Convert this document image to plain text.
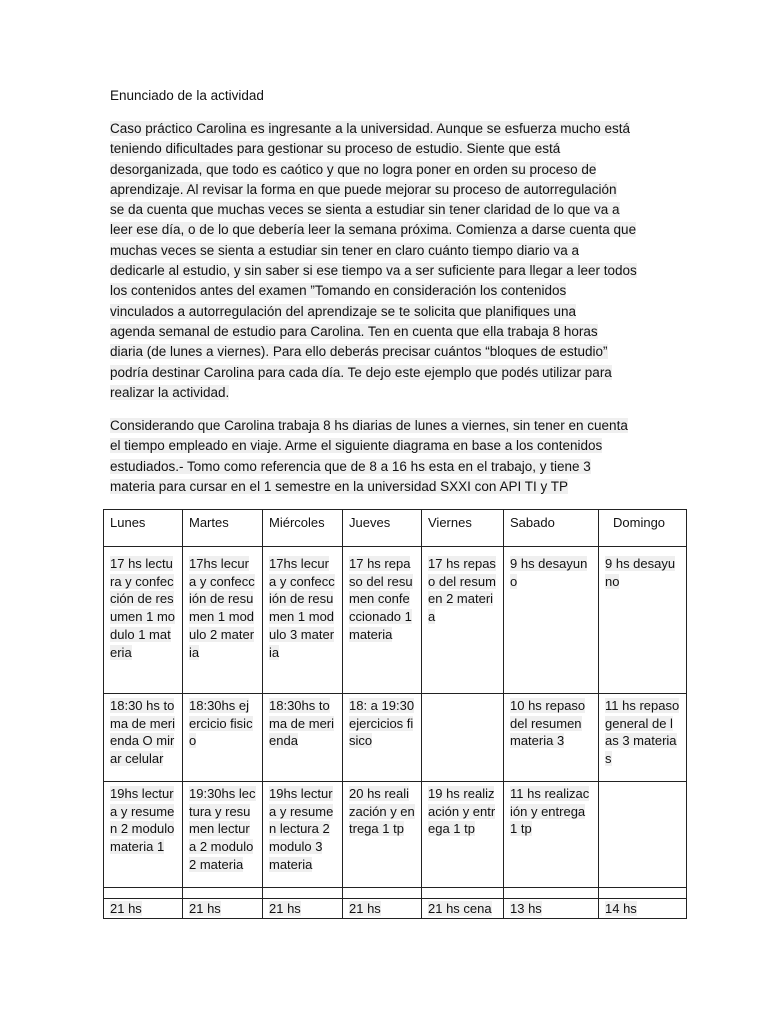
Enunciado de la actividad
Caso práctico Carolina es ingresante a la universidad. Aunque se esfuerza mucho está
teniendo dificultades para gestionar su proceso de estudio. Siente que está
desorganizada, que todo es caótico y que no logra poner en orden su proceso de
aprendizaje. Al revisar la forma en que puede mejorar su proceso de autorregulación
se da cuenta que muchas veces se sienta a estudiar sin tener claridad de lo que va a
leer ese día, o de lo que debería leer la semana próxima. Comienza a darse cuenta que
muchas veces se sienta a estudiar sin tener en claro cuánto tiempo diario va a
dedicarle al estudio, y sin saber si ese tiempo va a ser suficiente para llegar a leer todos
los contenidos antes del examen ”Tomando en consideración los contenidos
vinculados a autorregulación del aprendizaje se te solicita que planifiques una
agenda semanal de estudio para Carolina. Ten en cuenta que ella trabaja 8 horas
diaria (de lunes a viernes). Para ello deberás precisar cuántos “bloques de estudio”
podría destinar Carolina para cada día. Te dejo este ejemplo que podés utilizar para
realizar la actividad.
Considerando que Carolina trabaja 8 hs diarias de lunes a viernes, sin tener en cuenta
el tiempo empleado en viaje. Arme el siguiente diagrama en base a los contenidos
estudiados.- Tomo como referencia que de 8 a 16 hs esta en el trabajo, y tiene 3
materia para cursar en el 1 semestre en la universidad SXXI con API TI y TP
Lunes	Martes	Miércoles	Jueves	Viernes	Sabado	Domingo
17 hs lectura y confección de resumen 1 modulo 1 materia	17hs lecura y confección de resumen 1 modulo 2 materia	17hs lecura y confección de resumen 1 modulo 3 materia	17 hs repaso del resumen confeccionado 1 materia	17 hs repaso del resumen 2 materia	9 hs desayuno	9 hs desayuno
18:30 hs toma de merienda O mirar celular	18:30hs ejercicio fisico	18:30hs toma de merienda	18: a 19:30 ejercicios fisico		10 hs repaso del resumen materia 3	11 hs repaso general de las 3 materias
19hs lectura y resumen 2 modulo materia 1	19:30hs lectura y resumen lectura 2 modulo 2 materia	19hs lectura y resumen lectura 2 modulo 3 materia	20 hs realización y entrega 1 tp	19 hs realización y entrega 1 tp	11 hs realización y entrega 1 tp	

21 hs	21 hs	21 hs	21 hs	21 hs cena	13 hs	14 hs
